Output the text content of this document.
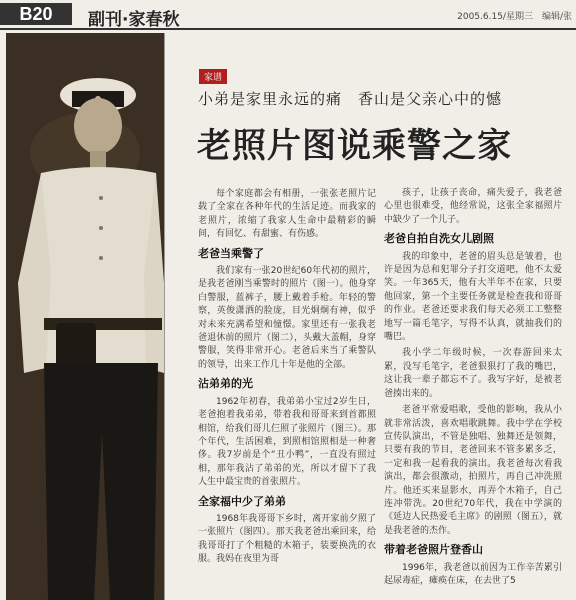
B20	副刊·家春秋	2005.6.15/星期三　编辑/张
家谱
小弟是家里永远的痛　香山是父亲心中的憾
老照片图说乘警之家

每个家庭都会有相册，一张张老照片记载了全家在各种年代的生活足迹。而我家的老照片，浓缩了我家人生命中最精彩的瞬间，有回忆、有甜蜜、有伤感。

老爸当乘警了

我们家有一张20世纪60年代初的照片，是我老爸刚当乘警时的照片（图一）。他身穿白警服，蓝裤子，腰上戴着手枪。年轻的警察，英俊潇洒的脸庞，目光炯炯有神，似乎对未来充满希望和憧憬。家里还有一张我老爸退休前的照片（图二），头戴大盖帽，身穿警服，笑得非常开心。老爸后来当了乘警队的领导，出来工作几十年是他的全部。

沾弟弟的光

1962年初春，我弟弟小宝过2岁生日，老爸抱着我弟弟，带着我和哥哥来到首都照相馆，给我们哥儿仨照了张照片（图三）。那个年代，生活困难，到照相馆照相是一种奢侈。我7岁前是个“丑小鸭”，一直没有照过相，那年我沾了弟弟的光，所以才留下了我人生中最宝贵的首张照片。

全家福中少了弟弟

1968年我哥哥下乡时，离开家前夕照了一张照片（图四）。那天我老爸出乘回来，给我哥哥打了个粗糙的木箱子，装要换洗的衣服。我妈在夜里为哥

孩子，让孩子丧命，痛失爱子，我老爸心里也很难受，他经常说，这张全家福照片中缺少了一个儿子。

老爸自拍自洗女儿剧照

我的印象中，老爸的眉头总是皱着，也许是因为总和犯罪分子打交道吧，他不太爱笑。一年365天，他有大半年不在家，只要他回家，第一个主要任务就是检查我和哥哥的作业。老爸还要求我们每天必须工工整整地写一篇毛笔字，写得不认真，就抽我们的嘴巴。

我小学二年级时候，一次春游回来太累，没写毛笔字，老爸狠狠打了我的嘴巴，这让我一辈子都忘不了。我写字好，是被老爸揍出来的。

老爸平常爱唱歌，受他的影响，我从小就非常活泼，喜欢唱歌跳舞。我中学在学校宣传队演出，不管是独唱、独舞还是领舞，只要有我的节目，老爸回来不管多累多乏，一定和我一起看我的演出。我老爸每次看我演出，都会很激动，拍照片，再自己冲洗照片。他还买来显影水，再弄个木箱子，自己连冲带洗。20世纪70年代，我在中学演的《延边人民热爱毛主席》的剧照（图五），就是我老爸的杰作。

带着老爸照片登香山

1996年，我老爸以前因为工作辛苦累引起尿毒症，瘫痪在床，在去世了5
